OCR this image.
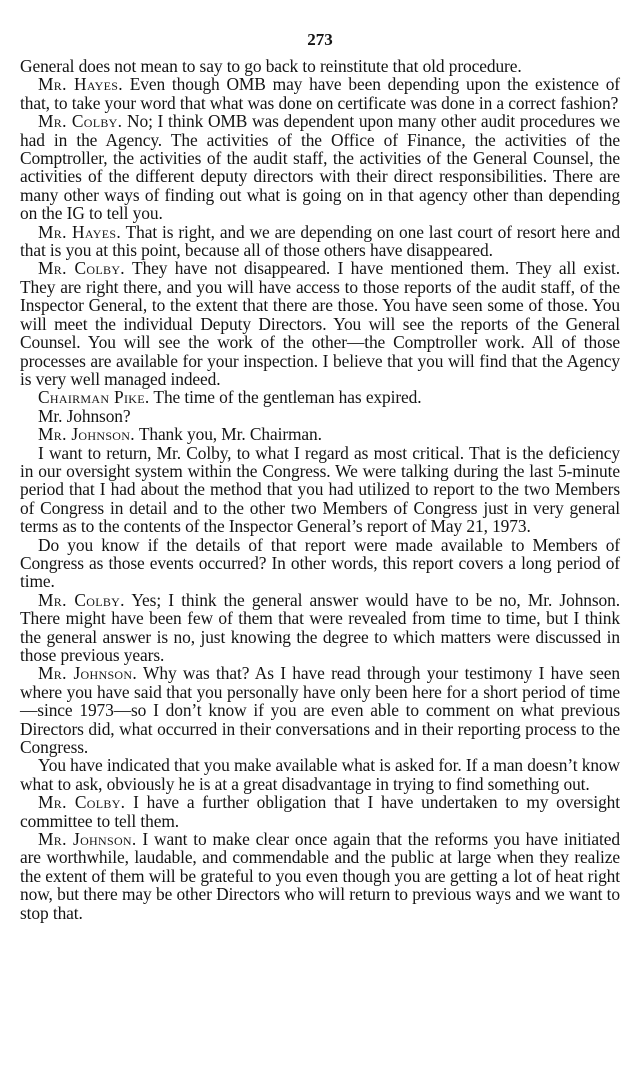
273

General does not mean to say to go back to reinstitute that old procedure.

Mr. Hayes. Even though OMB may have been depending upon the existence of that, to take your word that what was done on certificate was done in a correct fashion?

Mr. Colby. No; I think OMB was dependent upon many other audit procedures we had in the Agency. The activities of the Office of Finance, the activities of the Comptroller, the activities of the audit staff, the activities of the General Counsel, the activities of the different deputy directors with their direct responsibilities. There are many other ways of finding out what is going on in that agency other than depending on the IG to tell you.

Mr. Hayes. That is right, and we are depending on one last court of resort here and that is you at this point, because all of those others have disappeared.

Mr. Colby. They have not disappeared. I have mentioned them. They all exist. They are right there, and you will have access to those reports of the audit staff, of the Inspector General, to the extent that there are those. You have seen some of those. You will meet the individual Deputy Directors. You will see the reports of the General Counsel. You will see the work of the other—the Comptroller work. All of those processes are available for your inspection. I believe that you will find that the Agency is very well managed indeed.

Chairman Pike. The time of the gentleman has expired.

Mr. Johnson?

Mr. Johnson. Thank you, Mr. Chairman.

I want to return, Mr. Colby, to what I regard as most critical. That is the deficiency in our oversight system within the Congress. We were talking during the last 5-minute period that I had about the method that you had utilized to report to the two Members of Congress in detail and to the other two Members of Congress just in very general terms as to the contents of the Inspector General’s report of May 21, 1973.

Do you know if the details of that report were made available to Members of Congress as those events occurred? In other words, this report covers a long period of time.

Mr. Colby. Yes; I think the general answer would have to be no, Mr. Johnson. There might have been few of them that were revealed from time to time, but I think the general answer is no, just knowing the degree to which matters were discussed in those previous years.

Mr. Johnson. Why was that? As I have read through your testimony I have seen where you have said that you personally have only been here for a short period of time—since 1973—so I don’t know if you are even able to comment on what previous Directors did, what occurred in their conversations and in their reporting process to the Congress.

You have indicated that you make available what is asked for. If a man doesn’t know what to ask, obviously he is at a great disadvantage in trying to find something out.

Mr. Colby. I have a further obligation that I have undertaken to my oversight committee to tell them.

Mr. Johnson. I want to make clear once again that the reforms you have initiated are worthwhile, laudable, and commendable and the public at large when they realize the extent of them will be grateful to you even though you are getting a lot of heat right now, but there may be other Directors who will return to previous ways and we want to stop that.
